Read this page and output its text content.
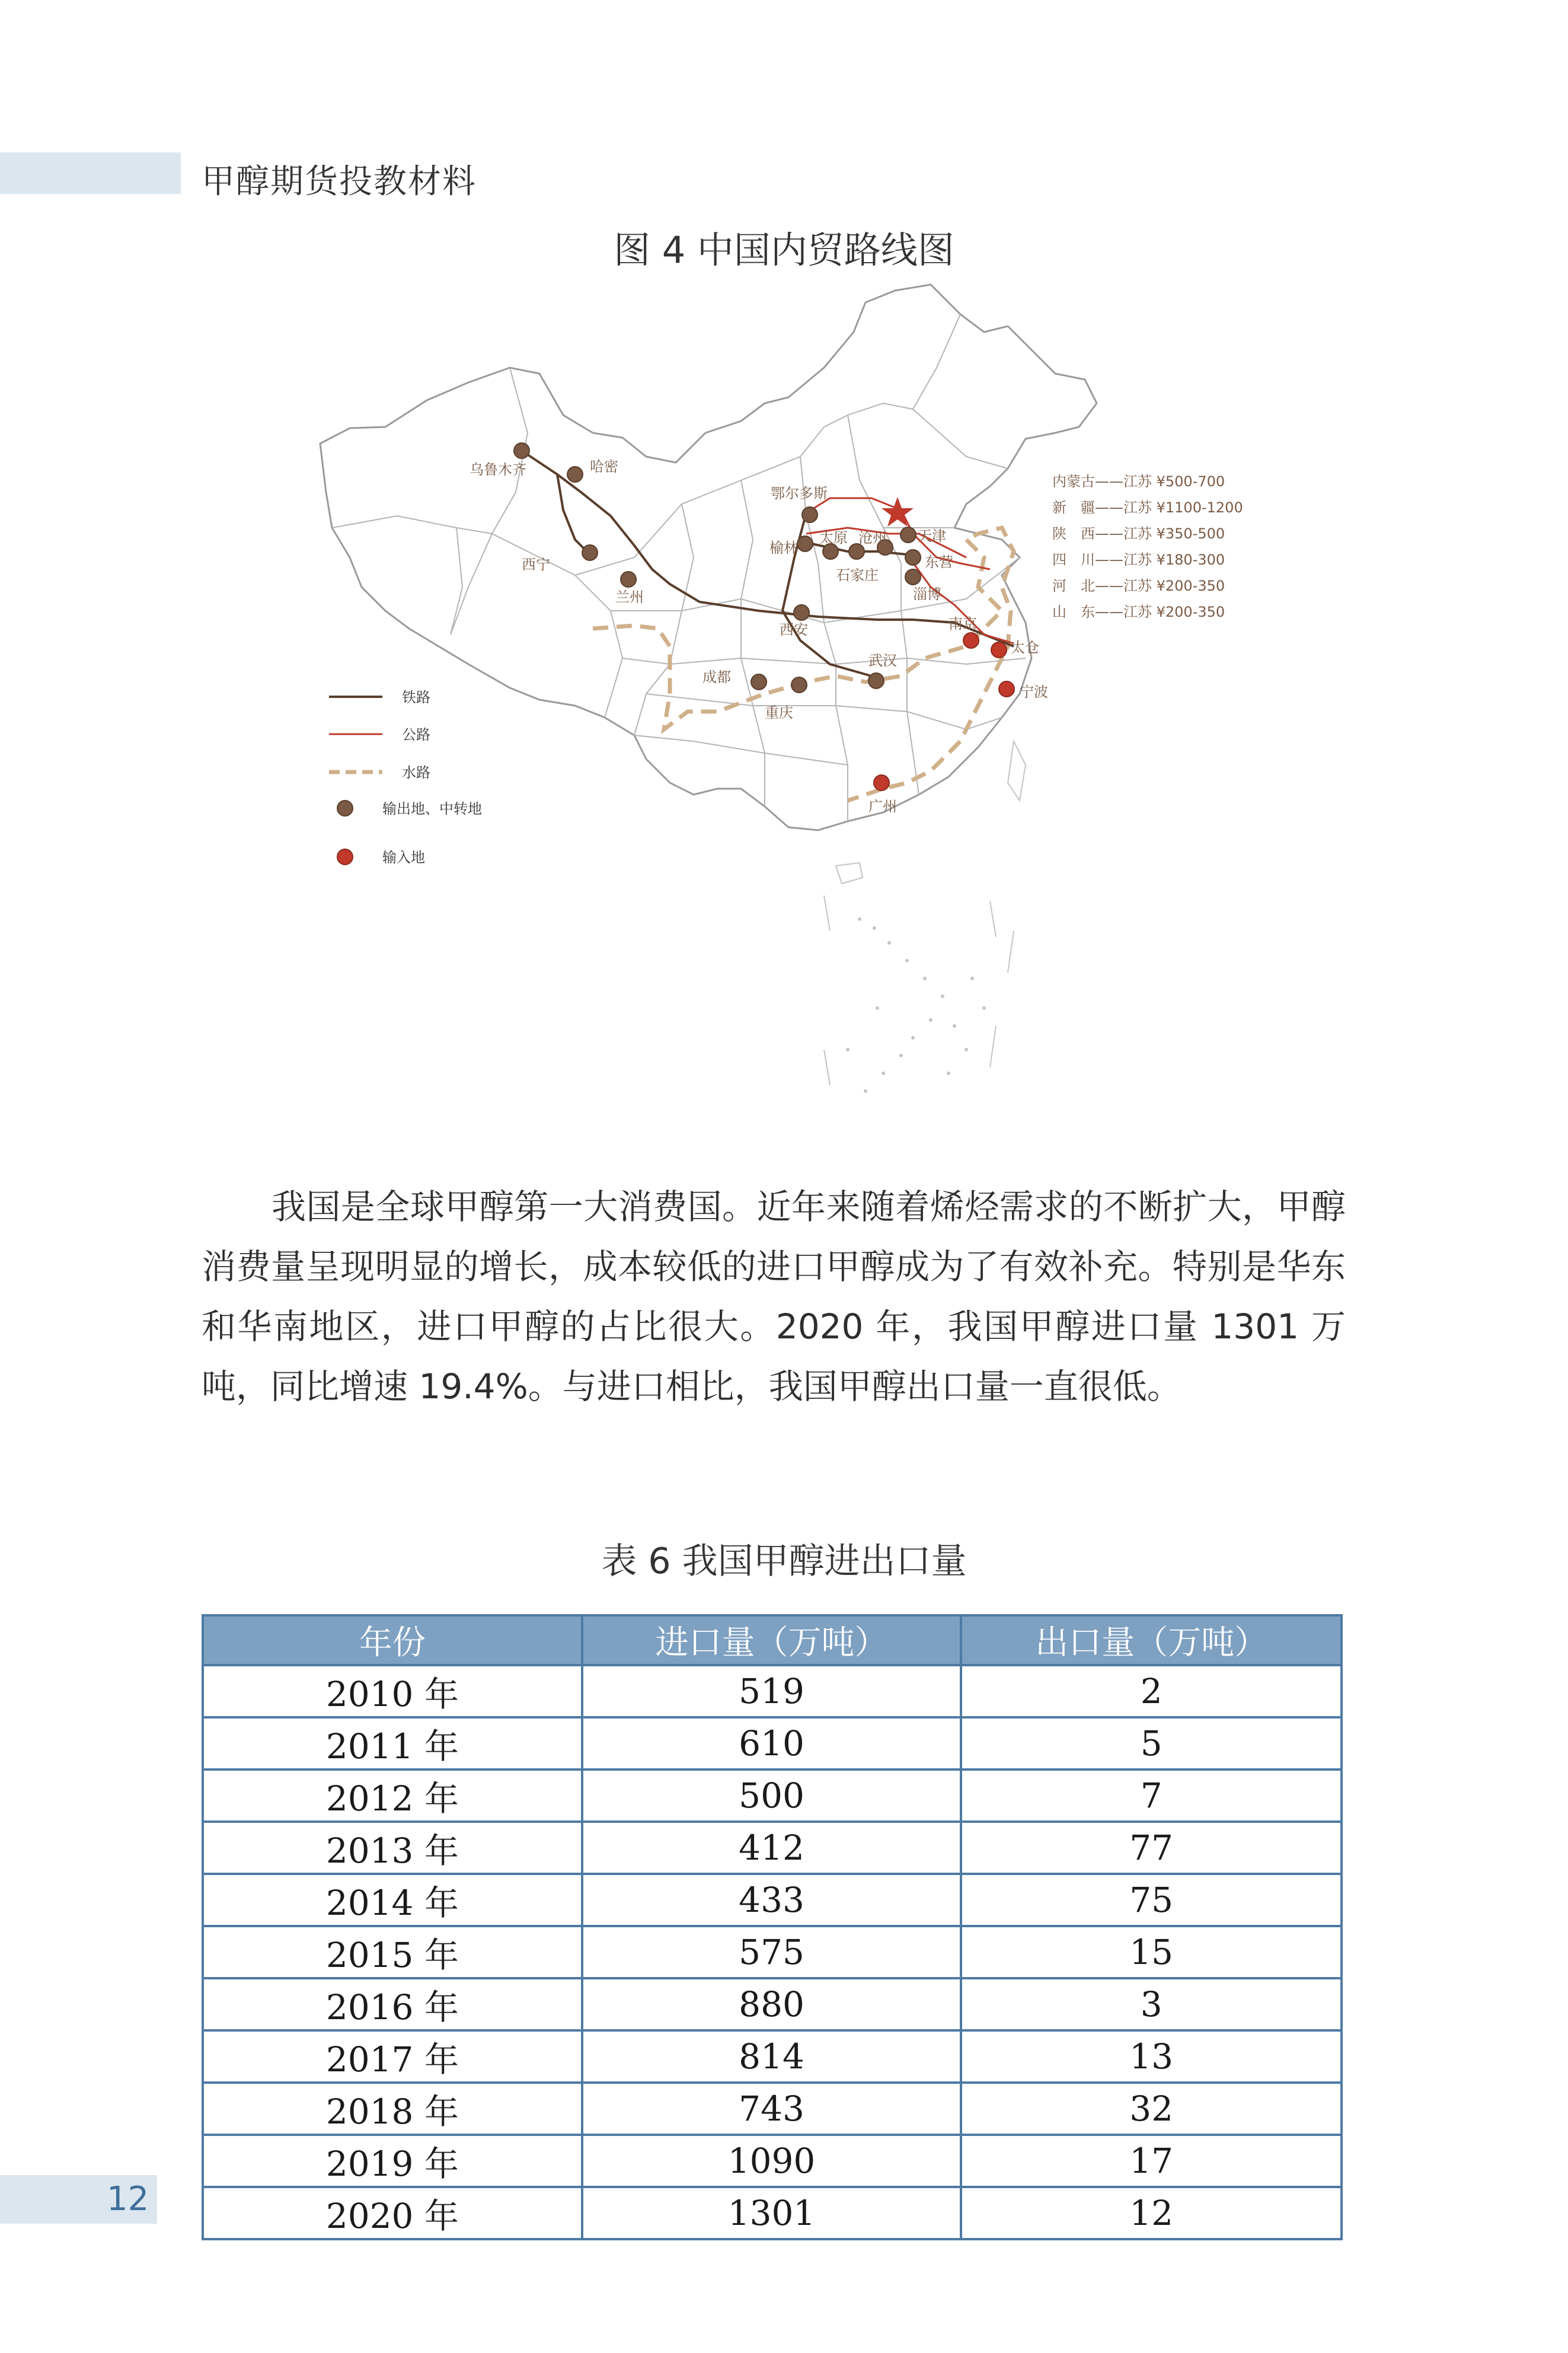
甲醇期货投教材料
图 4 中国内贸路线图
乌鲁木齐	哈密
西宁
兰州
鄂尔多斯
榆林
太原 沧州 天津
石家庄
东营
淄博
南京
太仓
宁波
西安
武汉
成都
重庆
广州
内蒙古——江苏 ¥500-700
新　疆——江苏 ¥1100-1200
陕　西——江苏 ¥350-500
四　川——江苏 ¥180-300
河　北——江苏 ¥200-350
山　东——江苏 ¥200-350
铁路
公路
水路
输出地、中转地
输入地

我国是全球甲醇第一大消费国。近年来随着烯烃需求的不断扩大，甲醇消费量呈现明显的增长，成本较低的进口甲醇成为了有效补充。特别是华东和华南地区，进口甲醇的占比很大。2020 年，我国甲醇进口量 1301 万吨，同比增速 19.4%。与进口相比，我国甲醇出口量一直很低。

表 6 我国甲醇进出口量
年份	进口量（万吨）	出口量（万吨）
2010 年	519	2
2011 年	610	5
2012 年	500	7
2013 年	412	77
2014 年	433	75
2015 年	575	15
2016 年	880	3
2017 年	814	13
2018 年	743	32
2019 年	1090	17
2020 年	1301	12
12
